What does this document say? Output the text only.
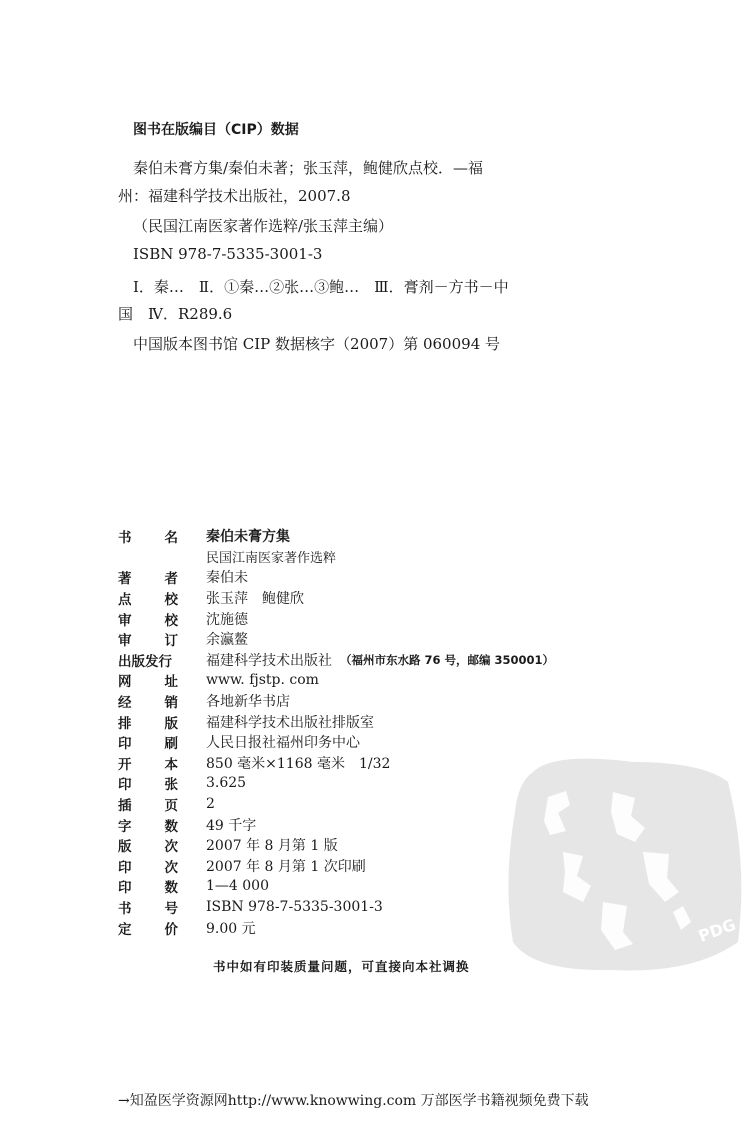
图书在版编目（CIP）数据
秦伯未膏方集/秦伯未著；张玉萍，鲍健欣点校．—福
州：福建科学技术出版社，2007.8
（民国江南医家著作选粹/张玉萍主编）
ISBN 978-7-5335-3001-3
Ⅰ．秦…　Ⅱ．①秦…②张…③鲍…　Ⅲ．膏剂－方书－中
国　Ⅳ．R289.6
中国版本图书馆 CIP 数据核字（2007）第 060094 号
书 名 秦伯未膏方集
民国江南医家著作选粹
著 者 秦伯未
点 校 张玉萍　鲍健欣
审 校 沈施德
审 订 余瀛鳌
出版发行 福建科学技术出版社 （福州市东水路 76 号，邮编 350001）
网 址 www. fjstp. com
经 销 各地新华书店
排 版 福建科学技术出版社排版室
印 刷 人民日报社福州印务中心
开 本 850 毫米×1168 毫米　1/32
印 张 3.625
插 页 2
字 数 49 千字
版 次 2007 年 8 月第 1 版
印 次 2007 年 8 月第 1 次印刷
印 数 1—4 000
书 号 ISBN 978-7-5335-3001-3
定 价 9.00 元	PDG
书中如有印装质量问题，可直接向本社调换
→知盈医学资源网http://www.knowwing.com 万部医学书籍视频免费下载
